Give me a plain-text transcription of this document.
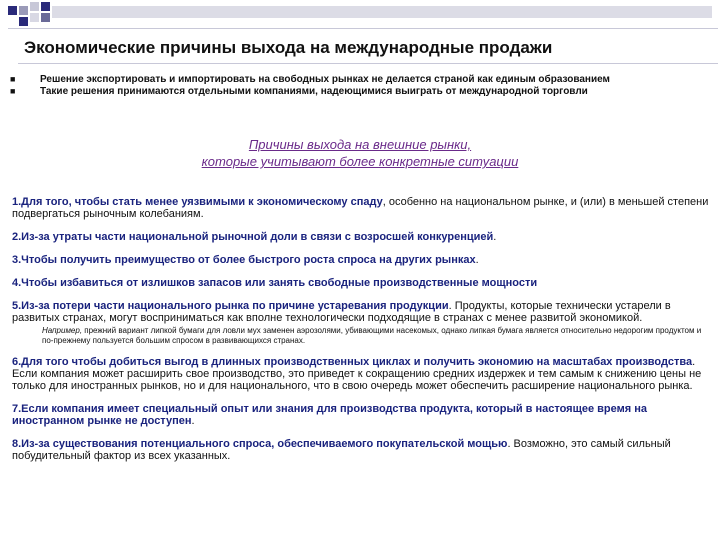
Экономические причины выхода на международные продажи
■	Решение экспортировать и импортировать на свободных рынках не делается страной как единым образованием
■	Такие решения принимаются отдельными компаниями, надеющимися выиграть от международной торговли
Причины выхода на внешние рынки,
которые учитывают более конкретные ситуации
1.Для того, чтобы стать менее уязвимыми к экономическому спаду, особенно на национальном рынке, и (или) в меньшей степени подвергаться рыночным колебаниям.
2.Из-за утраты части национальной рыночной доли в связи с возросшей конкуренцией.
3.Чтобы получить преимущество от более быстрого роста спроса на других рынках.
4.Чтобы избавиться от излишков запасов или занять свободные производственные мощности
5.Из-за потери части национального рынка по причине устаревания продукции. Продукты, которые технически устарели в развитых странах, могут восприниматься как вполне технологически подходящие в странах с менее развитой экономикой.
Например, прежний вариант липкой бумаги для ловли мух заменен аэрозолями, убивающими насекомых, однако липкая бумага является относительно недорогим продуктом и по-прежнему пользуется большим спросом в развивающихся странах.
6.Для того чтобы добиться выгод в длинных производственных циклах и получить экономию на масштабах производства. Если компания может расширить свое производство, это приведет к сокращению средних издержек и тем самым к снижению цены не только для иностранных рынков, но и для национального, что в свою очередь может обеспечить расширение национального рынка.
7.Если компания имеет специальный опыт или знания для производства продукта, который в настоящее время на иностранном рынке не доступен.
8.Из-за существования потенциального спроса, обеспечиваемого покупательской мощью. Возможно, это самый сильный побудительный фактор из всех указанных.
